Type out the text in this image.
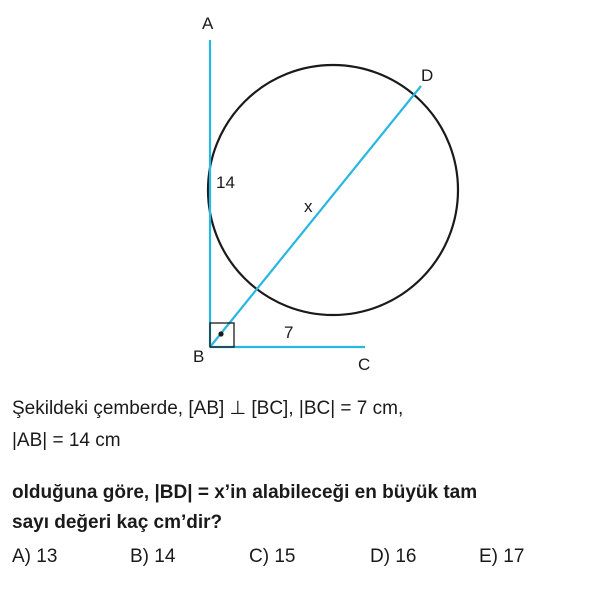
A
B	C
D
14
7
x
Şekildeki çemberde, [AB] ⊥ [BC], |BC| = 7 cm,
|AB| = 14 cm
olduğuna göre, |BD| = x’in alabileceği en büyük tam
sayı değeri kaç cm’dir?
A) 13	B) 14	C) 15	D) 16	E) 17
